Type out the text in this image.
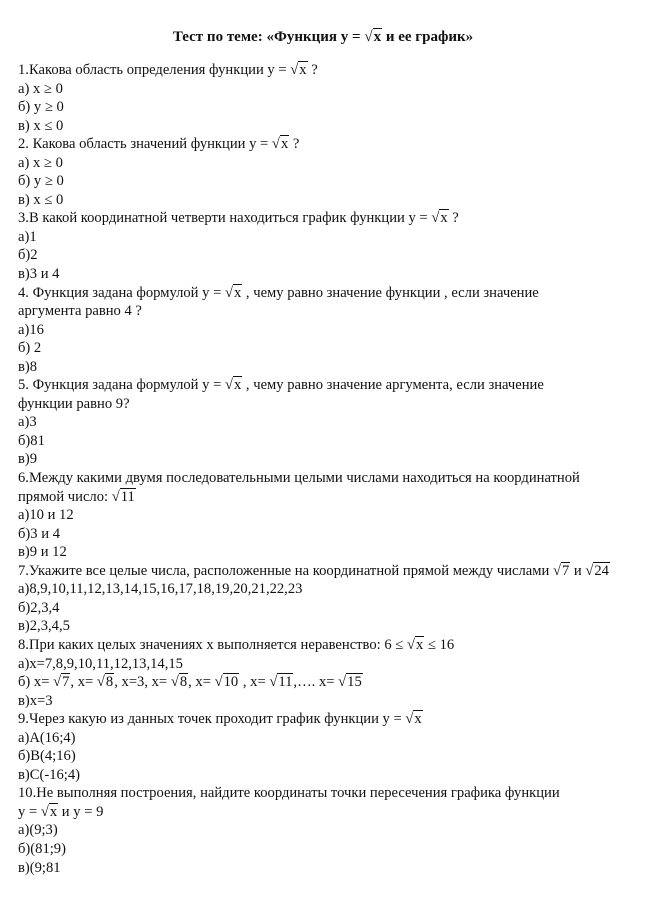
Тест по теме: «Функция у = √x и ее график»
1.Какова область определения функции у = √x ?
а) х ≥ 0
б) у ≥ 0
в) х ≤ 0
2. Какова область значений функции у = √x ?
а) х ≥ 0
б) у ≥ 0
в) х ≤ 0
3.В какой координатной четверти находиться график функции у = √x ?
а)1
б)2
в)3 и 4
4. Функция задана формулой у = √x , чему равно значение функции , если значение
аргумента равно 4 ?
а)16
б) 2
в)8
5. Функция задана формулой у = √x , чему равно значение аргумента, если значение
функции равно 9?
а)3
б)81
в)9
6.Между какими двумя последовательными целыми числами находиться на координатной
прямой число: √11
а)10 и 12
б)3 и 4
в)9 и 12
7.Укажите все целые числа, расположенные на координатной прямой между числами √7 и √24
а)8,9,10,11,12,13,14,15,16,17,18,19,20,21,22,23
б)2,3,4
в)2,3,4,5
8.При каких целых значениях х выполняется неравенство: 6 ≤ √x ≤ 16
а)х=7,8,9,10,11,12,13,14,15
б) х= √7, х= √8, х=3, х= √8, х= √10 , х= √11,…. х= √15
в)х=3
9.Через какую из данных точек проходит график функции у = √x
а)А(16;4)
б)В(4;16)
в)С(-16;4)
10.Не выполняя построения, найдите координаты точки пересечения графика функции
у = √x и у = 9
а)(9;3)
б)(81;9)
в)(9;81
